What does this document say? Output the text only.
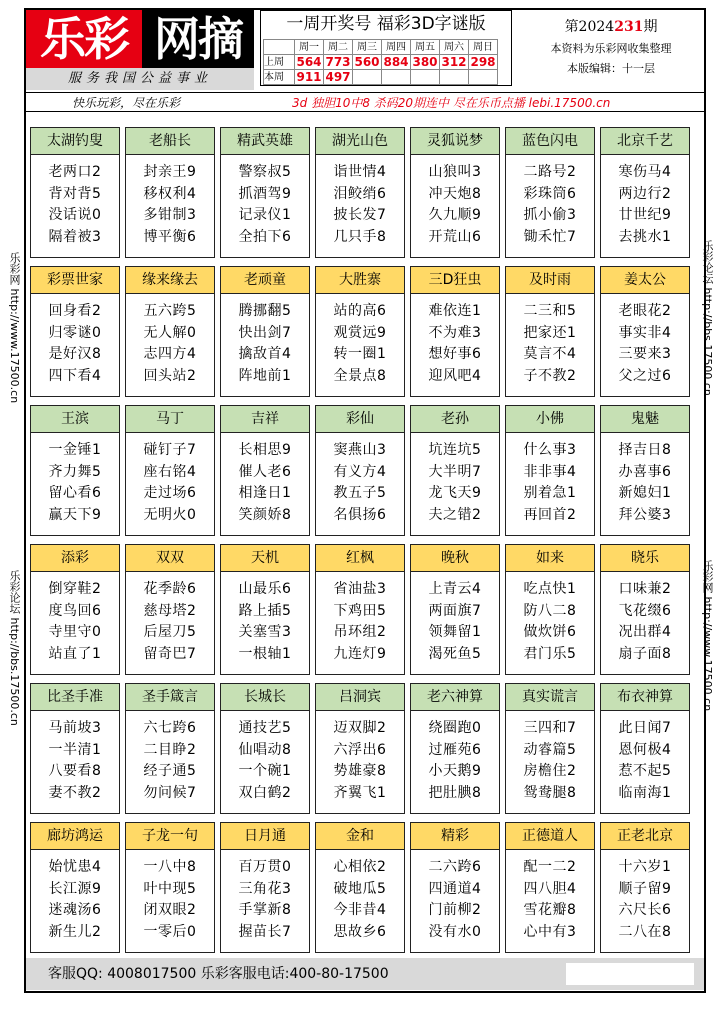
乐彩 网摘
服务我国公益事业
一周开奖号 福彩3D字谜版
	周一	周二	周三	周四	周五	周六	周日
上周	564	773	560	884	380	312	298
本周	911	497					
第2024231期
本资料为乐彩网收集整理
本版编辑：十一层
快乐玩彩，尽在乐彩	3d 独胆10中8 杀码20期连中 尽在乐币点播 lebi.17500.cn
乐彩网 http://www.17500.cn
乐彩论坛 http://bbs.17500.cn
乐彩论坛 http://bbs.17500.cn
乐彩网 http://www.17500.cn
太湖钓叟
老两口2
背对背5
没话说0
隔着被3
老船长
封亲王9
移权利4
多钳制3
博平衡6
精武英雄
警察叔5
抓酒驾9
记录仪1
全拍下6
湖光山色
诣世情4
泪鲛绡6
披长发7
几只手8
灵狐说梦
山狼叫3
冲天炮8
久九顺9
开荒山6
蓝色闪电
二路号2
彩珠筒6
抓小偷3
锄禾忙7
北京千艺
寒伤马4
两边行2
廿世纪9
去挑水1
彩票世家
回身看2
归零谜0
是好汉8
四下看4
缘来缘去
五六跨5
无人解0
志四方4
回头站2
老顽童
腾挪翻5
快出剑7
擒敌首4
阵地前1
大胜寨
站的高6
观赏远9
转一圈1
全景点8
三D狂虫
难依连1
不为难3
想好事6
迎风吧4
及时雨
二三和5
把家还1
莫言不4
子不教2
姜太公
老眼花2
事实非4
三要来3
父之过6
王滨
一金锤1
齐力舞5
留心看6
赢天下9
马丁
碰钉子7
座右铭4
走过场6
无明火0
吉祥
长相思9
催人老6
相逢日1
笑颜娇8
彩仙
窦燕山3
有义方4
教五子5
名俱扬6
老孙
坑连坑5
大半明7
龙飞天9
夫之错2
小佛
什么事3
非非事4
别着急1
再回首2
鬼魅
择吉日8
办喜事6
新媳妇1
拜公婆3
添彩
倒穿鞋2
度鸟回6
寺里守0
站直了1
双双
花季龄6
慈母塔2
后屋刀5
留奇巴7
天机
山最乐6
路上插5
关塞雪3
一根轴1
红枫
省油盐3
下鸡田5
吊环组2
九连灯9
晚秋
上青云4
两面旗7
领舞留1
渴死鱼5
如来
吃点快1
防八二8
做炊饼6
君门乐5
晓乐
口味兼2
飞花缀6
况出群4
扇子面8
比圣手准
马前坡3
一半清1
八要看8
妻不教2
圣手箴言
六七跨6
二目睁2
经子通5
勿问候7
长城长
通技艺5
仙唱动8
一个碗1
双白鹤2
吕洞宾
迈双脚2
六浮出6
势雄豪8
齐翼飞1
老六神算
绕圈跑0
过雁苑6
小天鹅9
把肚腆8
真实谎言
三四和7
动睿篇5
房檐住2
鸳鸯腿8
布衣神算
此日闻7
恩何极4
惹不起5
临南海1
廊坊鸿运
始忧患4
长江源9
迷魂汤6
新生儿2
子龙一句
一八中8
叶中现5
闭双眼2
一零后0
日月通
百万贯0
三角花3
手掌新8
握苗长7
金和
心相依2
破地瓜5
今非昔4
思故乡6
精彩
二六跨6
四通道4
门前柳2
没有水0
正德道人
配一二2
四八胆4
雪花瓣8
心中有3
正老北京
十六岁1
顺子留9
六尺长6
二八在8
客服QQ: 4008017500 乐彩客服电话:400-80-17500
